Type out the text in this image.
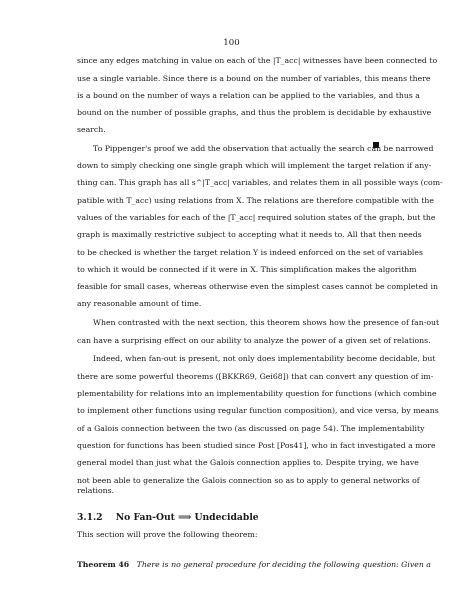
100
since any edges matching in value on each of the |T_acc| witnesses have been connected to
use a single variable. Since there is a bound on the number of variables, this means there
is a bound on the number of ways a relation can be applied to the variables, and thus a
bound on the number of possible graphs, and thus the problem is decidable by exhaustive
search.
To Pippenger's proof we add the observation that actually the search can be narrowed
down to simply checking one single graph which will implement the target relation if any-
thing can. This graph has all s^|T_acc| variables, and relates them in all possible ways (com-
patible with T_acc) using relations from X. The relations are therefore compatible with the
values of the variables for each of the |T_acc| required solution states of the graph, but the
graph is maximally restrictive subject to accepting what it needs to. All that then needs
to be checked is whether the target relation Y is indeed enforced on the set of variables
to which it would be connected if it were in X. This simplification makes the algorithm
feasible for small cases, whereas otherwise even the simplest cases cannot be completed in
any reasonable amount of time.
When contrasted with the next section, this theorem shows how the presence of fan-out
can have a surprising effect on our ability to analyze the power of a given set of relations.
Indeed, when fan-out is present, not only does implementability become decidable, but
there are some powerful theorems ([BKKR69, Gei68]) that can convert any question of im-
plementability for relations into an implementability question for functions (which combine
to implement other functions using regular function composition), and vice versa, by means
of a Galois connection between the two (as discussed on page 54). The implementability
question for functions has been studied since Post [Pos41], who in fact investigated a more
general model than just what the Galois connection applies to. Despite trying, we have
not been able to generalize the Galois connection so as to apply to general networks of
relations.
3.1.2 No Fan-Out ⟹ Undecidable
This section will prove the following theorem:
Theorem 46 There is no general procedure for deciding the following question: Given a
